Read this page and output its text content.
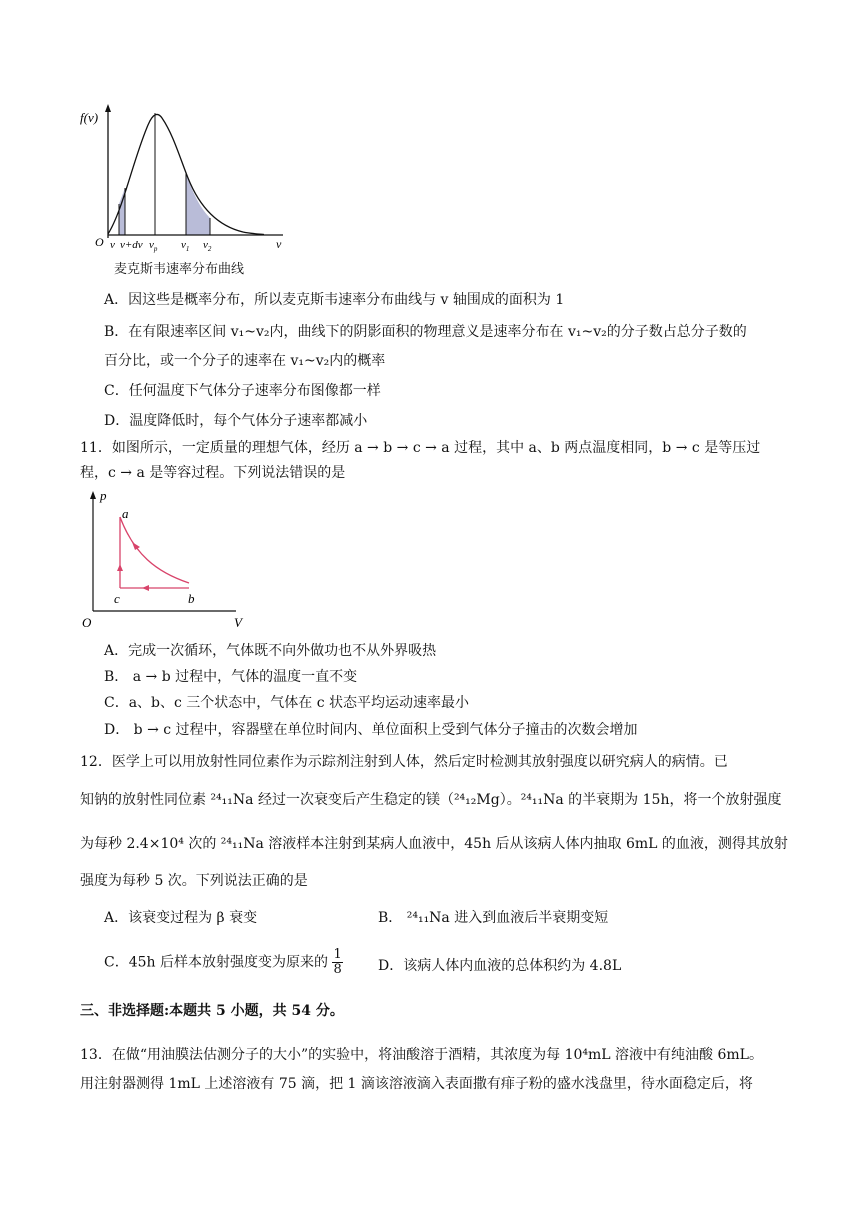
f(v)
O v v+dv $v_p$ $v_1$ $v_2$	v
麦克斯韦速率分布曲线
A．因这些是概率分布，所以麦克斯韦速率分布曲线与 v 轴围成的面积为 1
B．在有限速率区间 v₁~v₂内，曲线下的阴影面积的物理意义是速率分布在 v₁~v₂的分子数占总分子数的
百分比，或一个分子的速率在 v₁~v₂内的概率
C．任何温度下气体分子速率分布图像都一样
D．温度降低时，每个气体分子速率都减小
11．如图所示，一定质量的理想气体，经历 a → b → c → a 过程，其中 a、b 两点温度相同，b → c 是等压过
程，c → a 是等容过程。下列说法错误的是
p
V
O
a
b
c
A．完成一次循环，气体既不向外做功也不从外界吸热
B． a → b 过程中，气体的温度一直不变
C．a、b、c 三个状态中，气体在 c 状态平均运动速率最小
D． b → c 过程中，容器壁在单位时间内、单位面积上受到气体分子撞击的次数会增加
12．医学上可以用放射性同位素作为示踪剂注射到人体，然后定时检测其放射强度以研究病人的病情。已
知钠的放射性同位素 ²⁴₁₁Na 经过一次衰变后产生稳定的镁（²⁴₁₂Mg）。²⁴₁₁Na 的半衰期为 15h，将一个放射强度
为每秒 2.4×10⁴ 次的 ²⁴₁₁Na 溶液样本注射到某病人血液中，45h 后从该病人体内抽取 6mL 的血液，测得其放射
强度为每秒 5 次。下列说法正确的是
A．该衰变过程为 β 衰变	B． ²⁴₁₁Na 进入到血液后半衰期变短
C．45h 后样本放射强度变为原来的 $\frac{1}{8}$	D．该病人体内血液的总体积约为 4.8L
三、非选择题:本题共 5 小题，共 54 分。
13．在做“用油膜法估测分子的大小”的实验中，将油酸溶于酒精，其浓度为每 10⁴mL 溶液中有纯油酸 6mL。
用注射器测得 1mL 上述溶液有 75 滴，把 1 滴该溶液滴入表面撒有痱子粉的盛水浅盘里，待水面稳定后，将
